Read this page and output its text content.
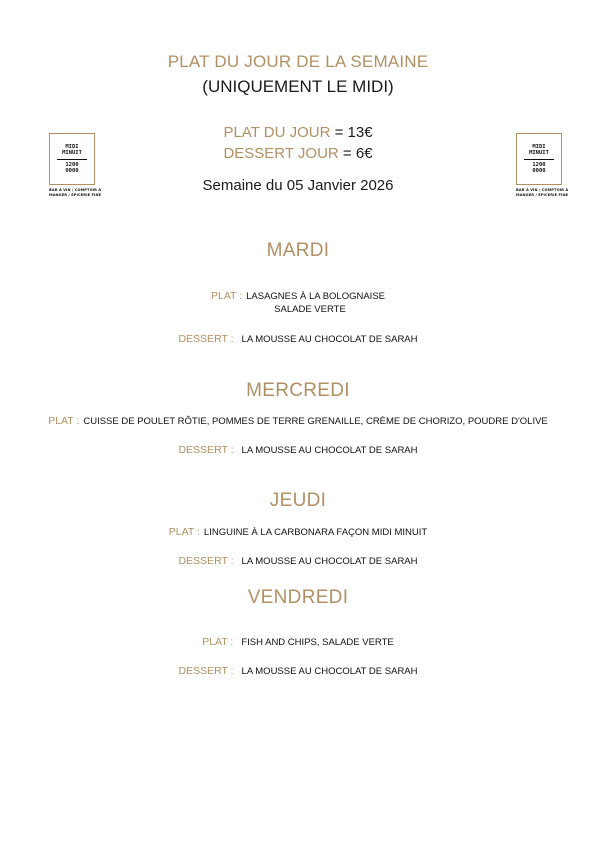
PLAT DU JOUR DE LA SEMAINE
(UNIQUEMENT LE MIDI)
PLAT DU JOUR = 13€
DESSERT JOUR = 6€
Semaine du 05 Janvier 2026
MIDI
MINUIT
1200
0000
BAR À VIN / COMPTOIR À
MANGER / EPICERIE FINE
MIDI
MINUIT
1200
0000
BAR À VIN / COMPTOIR À
MANGER / EPICERIE FINE
MARDI
PLAT : LASAGNES À LA BOLOGNAISE
SALADE VERTE
DESSERT : LA MOUSSE AU CHOCOLAT DE SARAH
MERCREDI
PLAT : CUISSE DE POULET RÔTIE, POMMES DE TERRE GRENAILLE, CRÈME DE CHORIZO, POUDRE D'OLIVE
DESSERT : LA MOUSSE AU CHOCOLAT DE SARAH
JEUDI
PLAT : LINGUINE À LA CARBONARA FAÇON MIDI MINUIT
DESSERT : LA MOUSSE AU CHOCOLAT DE SARAH
VENDREDI
PLAT : FISH AND CHIPS, SALADE VERTE
DESSERT : LA MOUSSE AU CHOCOLAT DE SARAH
